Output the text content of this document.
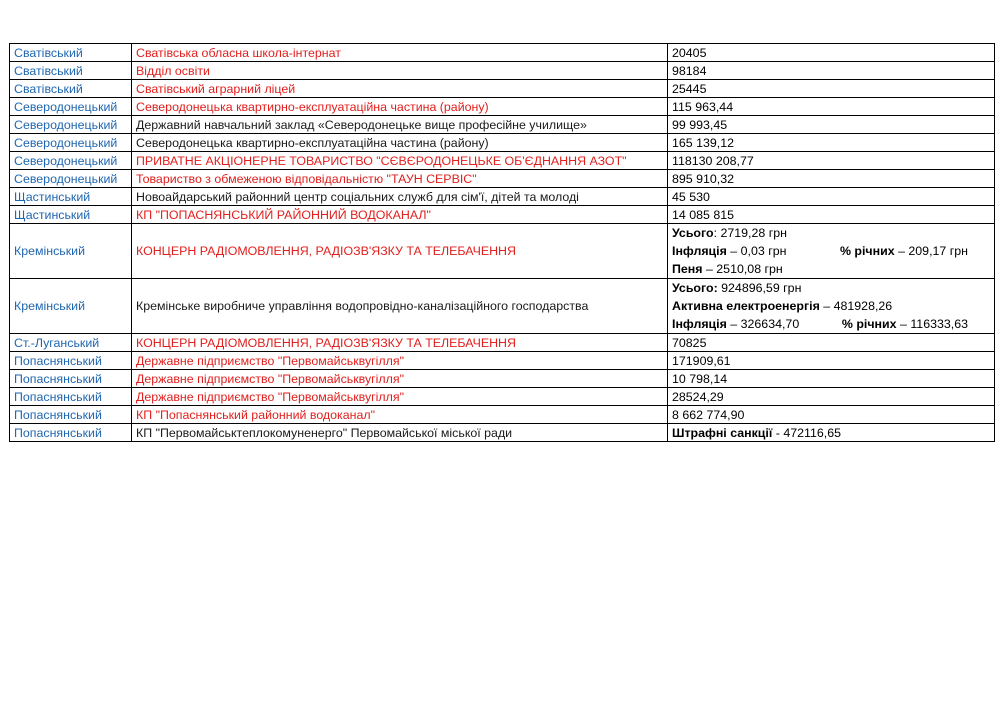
Сватівський	Сватівська обласна школа-інтернат	20405
Сватівський	Відділ освіти	98184
Сватівський	Сватівський аграрний ліцей	25445
Северодонецький	Северодонецька квартирно-експлуатаційна частина (району)	115 963,44
Северодонецький	Державний навчальний заклад «Северодонецьке вище професійне училище»	99 993,45
Северодонецький	Северодонецька квартирно-експлуатаційна частина (району)	165 139,12
Северодонецький	ПРИВАТНЕ АКЦІОНЕРНЕ ТОВАРИСТВО "СЄВЄРОДОНЕЦЬКЕ ОБ'ЄДНАННЯ АЗОТ"	118130 208,77
Северодонецький	Товариство з обмеженою відповідальністю "ТАУН СЕРВІС"	895 910,32
Щастинський	Новоайдарський районний центр соціальних служб для сім'ї, дітей та молоді	45 530
Щастинський	КП "ПОПАСНЯНСЬКИЙ РАЙОННИЙ ВОДОКАНАЛ"	14 085 815
Кремінський	КОНЦЕРН РАДІОМОВЛЕННЯ, РАДІОЗВ'ЯЗКУ ТА ТЕЛЕБАЧЕННЯ	Усього: 2719,28 грн
Інфляція – 0,03 грн % річних – 209,17 грн
Пеня – 2510,08 грн

Кремінський	Кремінське виробниче управління водопровідно-каналізаційного господарства	Усього: 924896,59 грн
Активна електроенергія – 481928,26
Інфляція – 326634,70 % річних – 116333,63

Ст.-Луганський	КОНЦЕРН РАДІОМОВЛЕННЯ, РАДІОЗВ'ЯЗКУ ТА ТЕЛЕБАЧЕННЯ	70825
Попаснянський	Державне підприємство "Первомайськвугілля"	171909,61
Попаснянський	Державне підприємство "Первомайськвугілля"	10 798,14
Попаснянський	Державне підприємство "Первомайськвугілля"	28524,29
Попаснянський	КП "Попаснянський районний водоканал"	8 662 774,90
Попаснянський	КП "Первомайськтеплокомуненерго" Первомайської міської ради	Штрафні санкції - 472116,65
